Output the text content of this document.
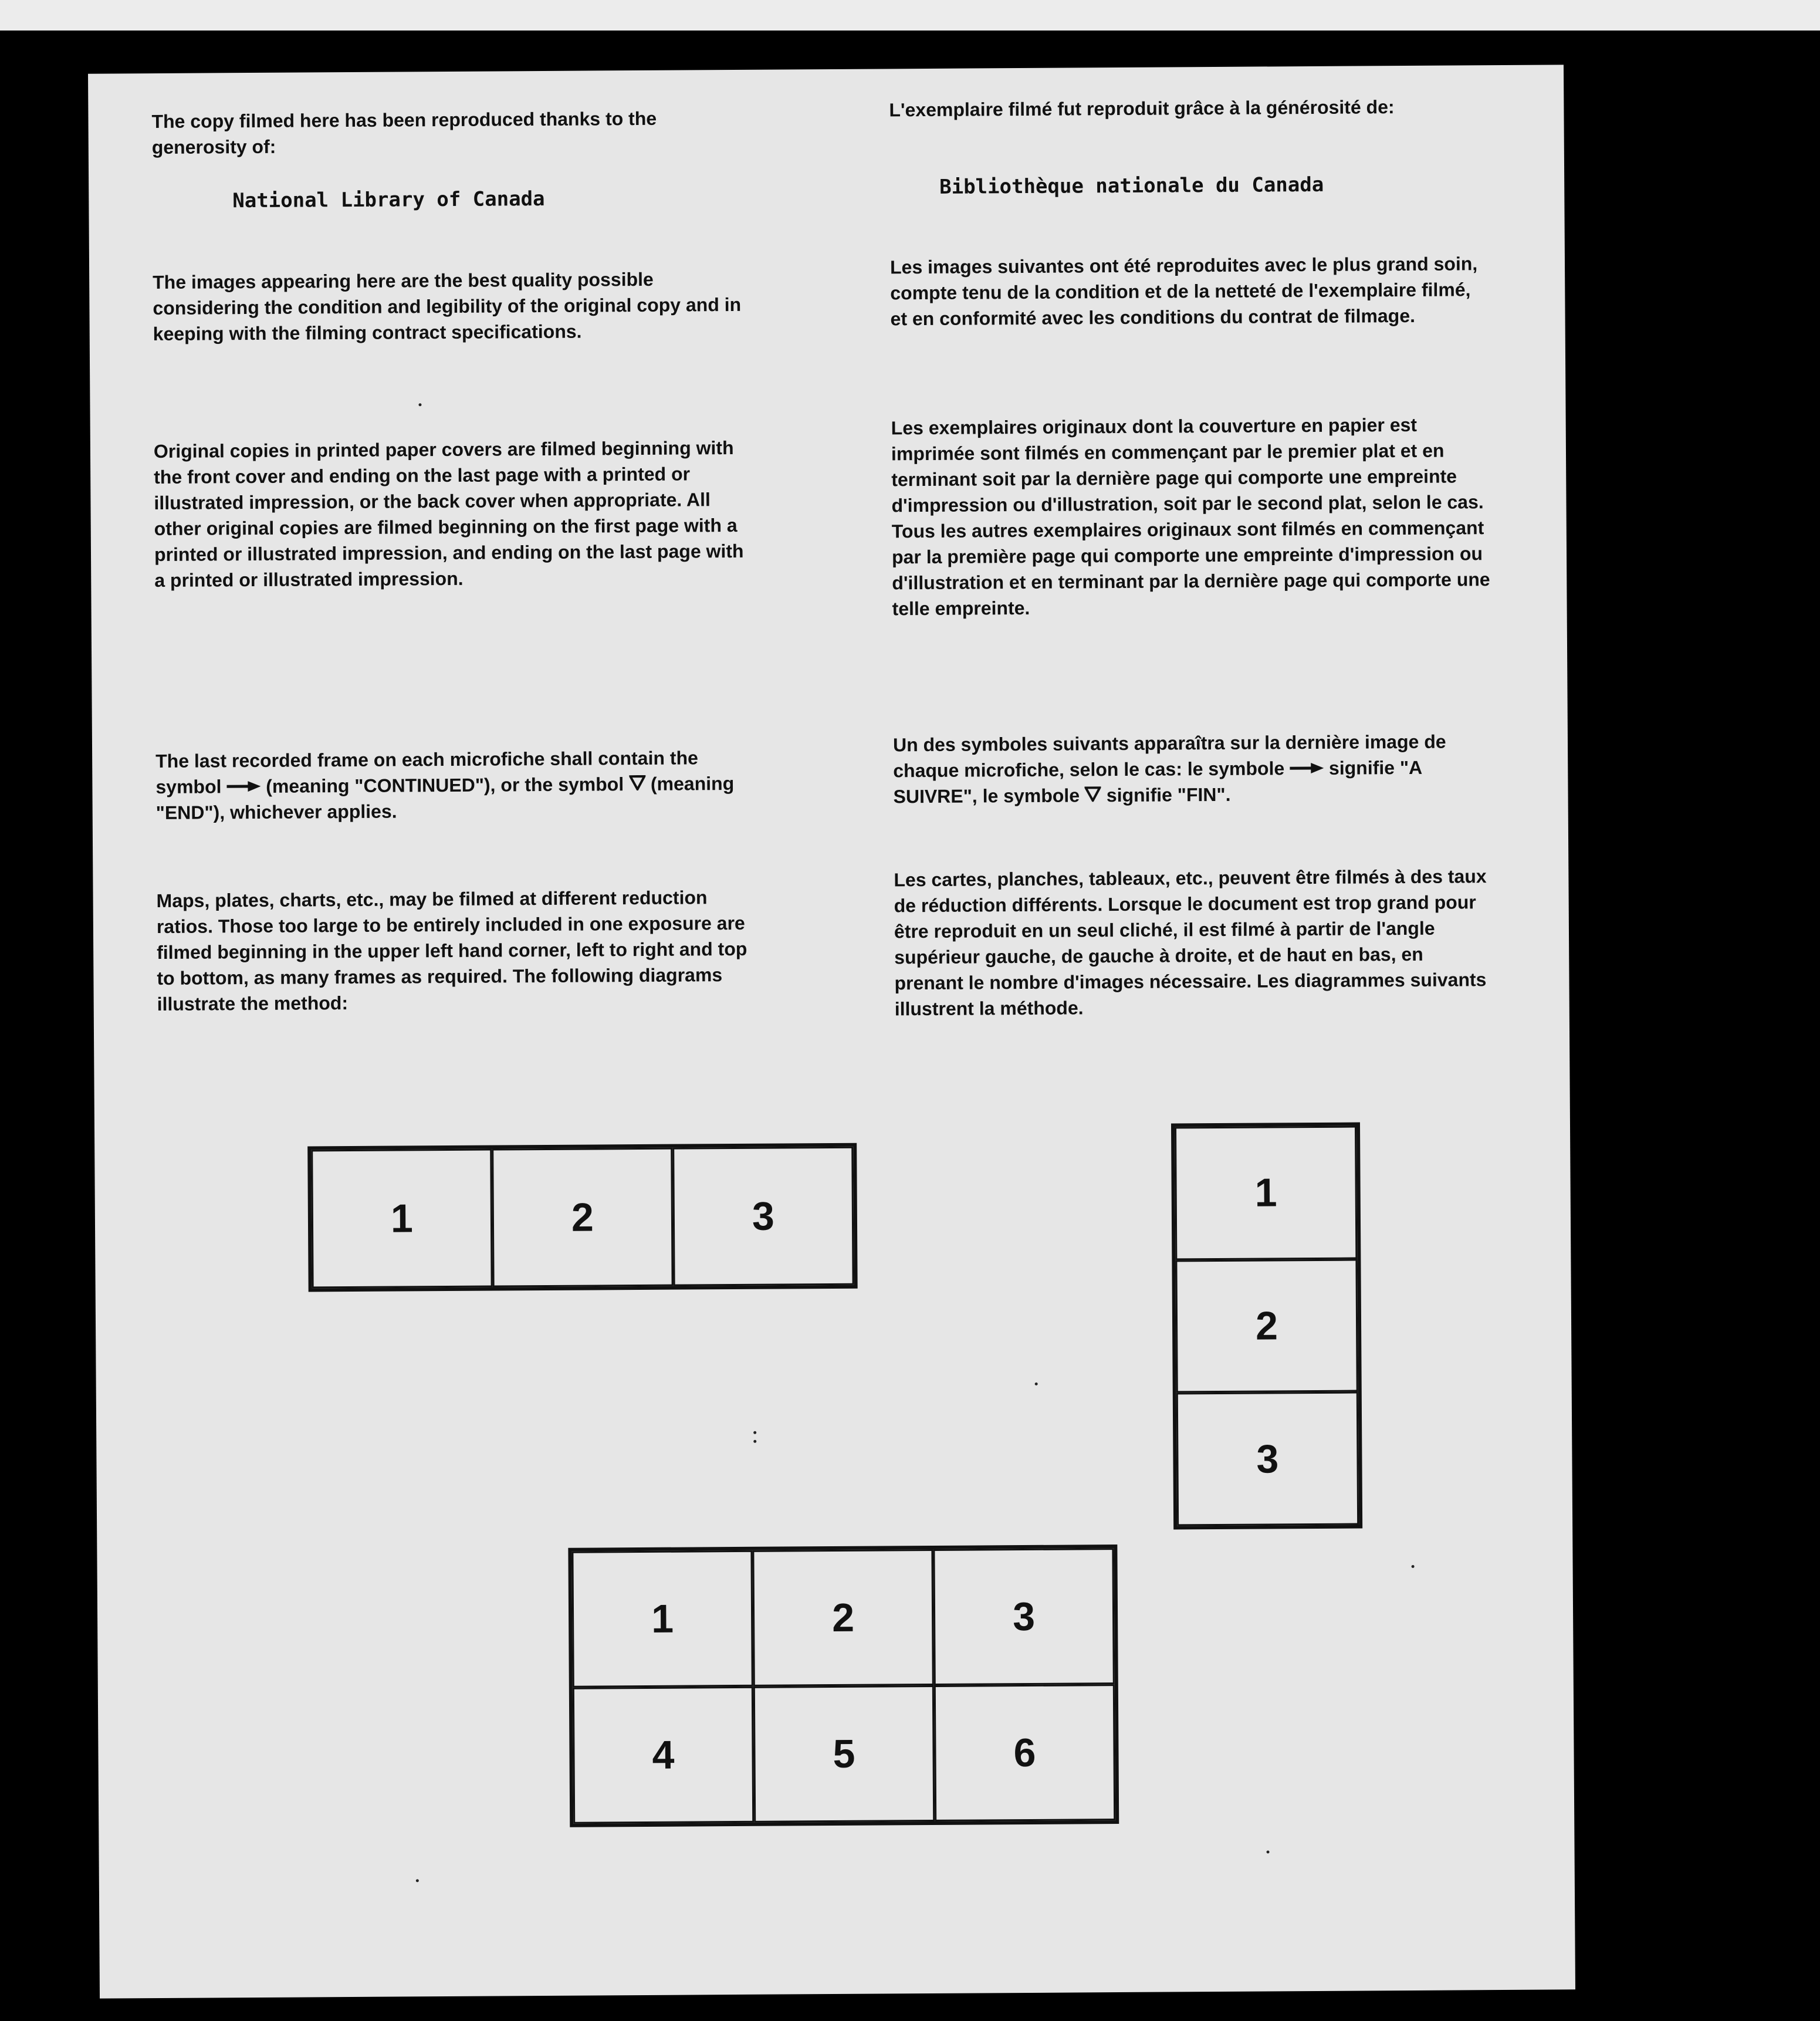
The copy filmed here has been reproduced thanks to the generosity of:

National Library of Canada

The images appearing here are the best quality possible considering the condition and legibility of the original copy and in keeping with the filming contract specifications.

Original copies in printed paper covers are filmed beginning with the front cover and ending on the last page with a printed or illustrated impression, or the back cover when appropriate. All other original copies are filmed beginning on the first page with a printed or illustrated impression, and ending on the last page with a printed or illustrated impression.

The last recorded frame on each microfiche shall contain the symbol (meaning "CONTINUED"), or the symbol (meaning "END"), whichever applies.

Maps, plates, charts, etc., may be filmed at different reduction ratios. Those too large to be entirely included in one exposure are filmed beginning in the upper left hand corner, left to right and top to bottom, as many frames as required. The following diagrams illustrate the method:

L'exemplaire filmé fut reproduit grâce à la générosité de:

Bibliothèque nationale du Canada

Les images suivantes ont été reproduites avec le plus grand soin, compte tenu de la condition et de la netteté de l'exemplaire filmé, et en conformité avec les conditions du contrat de filmage.

Les exemplaires originaux dont la couverture en papier est imprimée sont filmés en commençant par le premier plat et en terminant soit par la dernière page qui comporte une empreinte d'impression ou d'illustration, soit par le second plat, selon le cas. Tous les autres exemplaires originaux sont filmés en commençant par la première page qui comporte une empreinte d'impression ou d'illustration et en terminant par la dernière page qui comporte une telle empreinte.

Un des symboles suivants apparaîtra sur la dernière image de chaque microfiche, selon le cas: le symbole signifie "A SUIVRE", le symbole signifie "FIN".

Les cartes, planches, tableaux, etc., peuvent être filmés à des taux de réduction différents. Lorsque le document est trop grand pour être reproduit en un seul cliché, il est filmé à partir de l'angle supérieur gauche, de gauche à droite, et de haut en bas, en prenant le nombre d'images nécessaire. Les diagrammes suivants illustrent la méthode.

1	2	3
1
2
3
1	2	3
4	5	6
